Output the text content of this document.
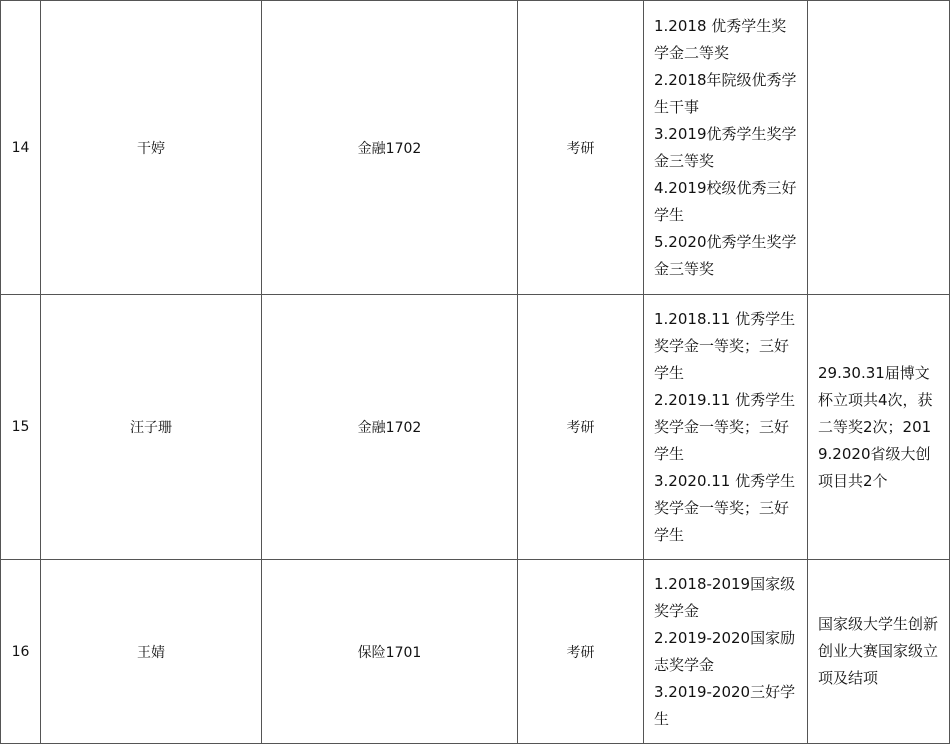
14	干婷	金融1702	考研	1.2018 优秀学生奖学金二等奖
2.2018年院级优秀学生干事
3.2019优秀学生奖学金三等奖
4.2019校级优秀三好学生
5.2020优秀学生奖学金三等奖	

15	汪子珊	金融1702	考研	1.2018.11 优秀学生奖学金一等奖；三好学生
2.2019.11 优秀学生奖学金一等奖；三好学生
3.2020.11 优秀学生奖学金一等奖；三好学生	29.30.31届博文杯立项共4次，获二等奖2次；2019.2020省级大创项目共2个
16	王婧	保险1701	考研	1.2018-2019国家级奖学金
2.2019-2020国家励志奖学金
3.2019-2020三好学生	国家级大学生创新创业大赛国家级立项及结项
